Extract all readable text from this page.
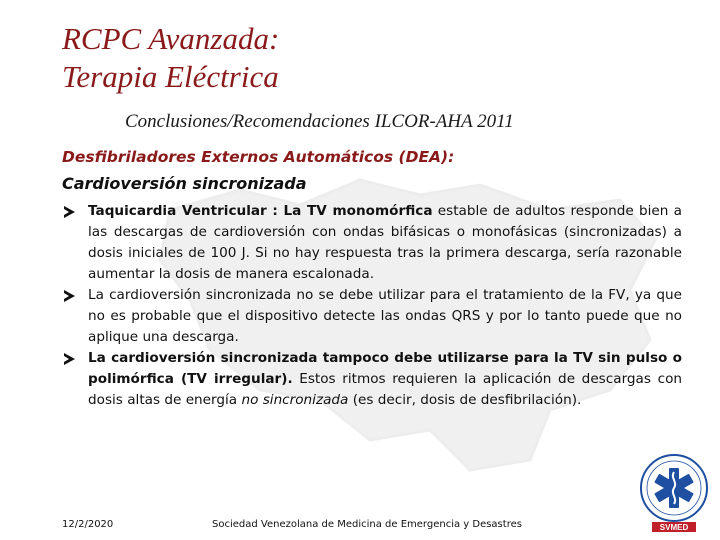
RCPC Avanzada:
Terapia Eléctrica
Conclusiones/Recomendaciones ILCOR-AHA 2011
Desfibriladores Externos Automáticos (DEA):
Cardioversión sincronizada
Taquicardia Ventricular : La TV monomórfica estable de adultos responde bien a las descargas de cardioversión con ondas bifásicas o monofásicas (sincronizadas) a dosis iniciales de 100 J. Si no hay respuesta tras la primera descarga, sería razonable aumentar la dosis de manera escalonada.
La cardioversión sincronizada no se debe utilizar para el tratamiento de la FV, ya que no es probable que el dispositivo detecte las ondas QRS y por lo tanto puede que no aplique una descarga.
La cardioversión sincronizada tampoco debe utilizarse para la TV sin pulso o polimórfica (TV irregular). Estos ritmos requieren la aplicación de descargas con dosis altas de energía no sincronizada (es decir, dosis de desfibrilación).
12/2/2020	Sociedad Venezolana de Medicina de Emergencia y Desastres	SVMED
